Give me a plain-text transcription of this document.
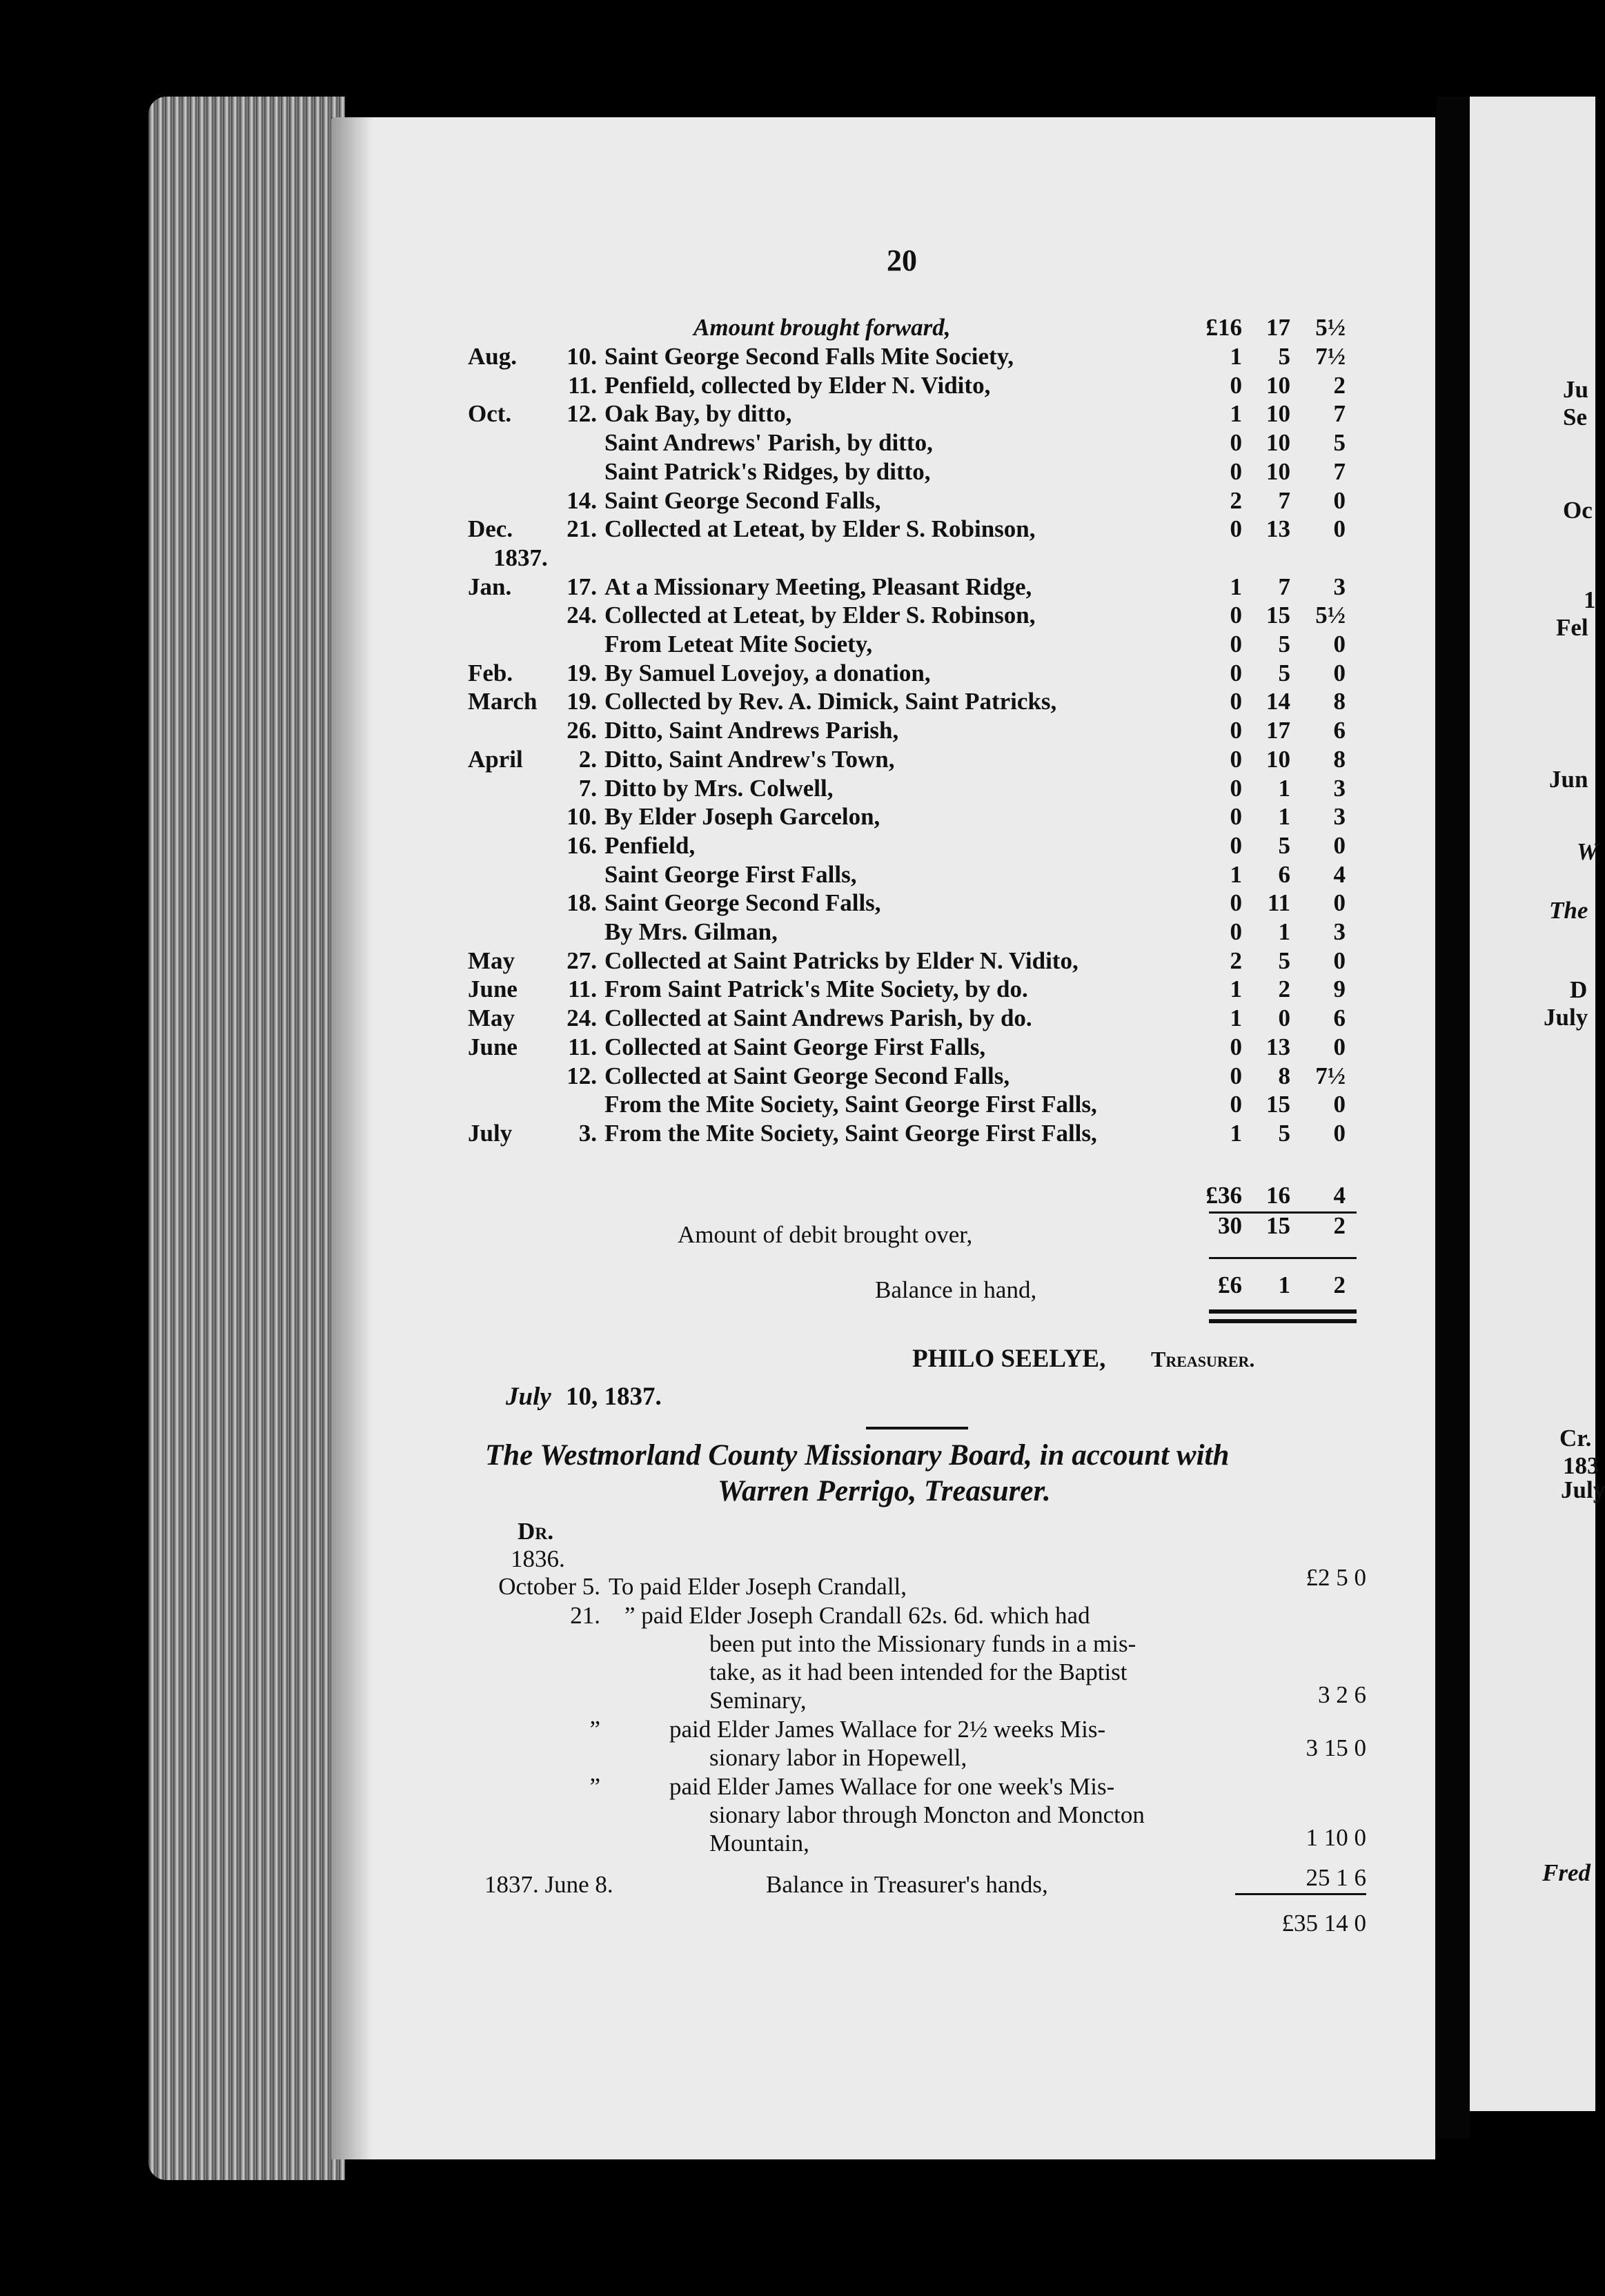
20
Amount brought forward,	£16	17	5½
Aug.	10. Saint George Second Falls Mite Society,	1	5	7½
11. Penfield, collected by Elder N. Vidito,	0	10	2
Oct.	12. Oak Bay, by ditto,	1	10	7
Saint Andrews' Parish, by ditto,	0	10	5
Saint Patrick's Ridges, by ditto,	0	10	7
14. Saint George Second Falls,	2	7	0
Dec.	21. Collected at Leteat, by Elder S. Robinson,	0	13	0
1837.
Jan.	17. At a Missionary Meeting, Pleasant Ridge,	1	7	3
24. Collected at Leteat, by Elder S. Robinson,	0	15	5½
From Leteat Mite Society,	0	5	0
Feb.	19. By Samuel Lovejoy, a donation,	0	5	0
March	19. Collected by Rev. A. Dimick, Saint Patricks,	0	14	8
26. Ditto, Saint Andrews Parish,	0	17	6
April	2. Ditto, Saint Andrew's Town,	0	10	8
7. Ditto by Mrs. Colwell,	0	1	3
10. By Elder Joseph Garcelon,	0	1	3
16. Penfield,	0	5	0
Saint George First Falls,	1	6	4
18. Saint George Second Falls,	0	11	0
By Mrs. Gilman,	0	1	3
May	27. Collected at Saint Patricks by Elder N. Vidito,	2	5	0
June	11. From Saint Patrick's Mite Society, by do.	1	2	9
May	24. Collected at Saint Andrews Parish, by do.	1	0	6
June	11. Collected at Saint George First Falls,	0	13	0
12. Collected at Saint George Second Falls,	0	8	7½
From the Mite Society, Saint George First Falls,	0	15	0
July	3. From the Mite Society, Saint George First Falls,	1	5	0
£36	16	4
Amount of debit brought over,	30	15	2
Balance in hand,	£6	1	2
PHILO SEELYE, Treasurer.
July 10, 1837.
The Westmorland County Missionary Board, in account with
Warren Perrigo, Treasurer.
Dr.
1836.
October 5. To paid Elder Joseph Crandall,	£2 5 0
21. ” paid Elder Joseph Crandall 62s. 6d. which had
been put into the Missionary funds in a mis-
take, as it had been intended for the Baptist
Seminary,	3 2 6
”	paid Elder James Wallace for 2½ weeks Mis-
sionary labor in Hopewell,	3 15 0
”	paid Elder James Wallace for one week's Mis-
sionary labor through Moncton and Moncton
Mountain,	1 10 0
1837. June 8.	Balance in Treasurer's hands,	25 1 6
£35 14 0
Ju
Se
Oc
1
Fel
Jun
W
The
D
July
Cr.
183
July
Fred
